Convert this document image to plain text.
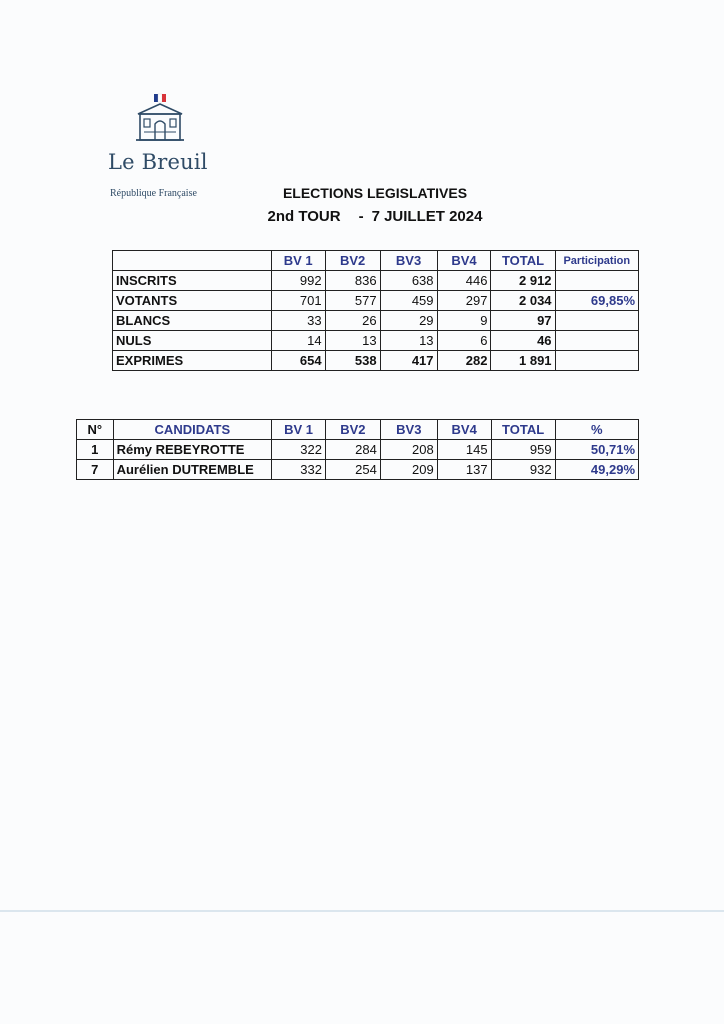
Le Breuil
République Française	ELECTIONS LEGISLATIVES
2nd TOUR - 7 JUILLET 2024
	BV 1	BV2	BV3	BV4	TOTAL	Participation
INSCRITS	992	836	638	446	2 912	
VOTANTS	701	577	459	297	2 034	69,85%
BLANCS	33	26	29	9	97	
NULS	14	13	13	6	46	
EXPRIMES	654	538	417	282	1 891	
N°	CANDIDATS	BV 1	BV2	BV3	BV4	TOTAL	%
1	Rémy REBEYROTTE	322	284	208	145	959	50,71%
7	Aurélien DUTREMBLE	332	254	209	137	932	49,29%
